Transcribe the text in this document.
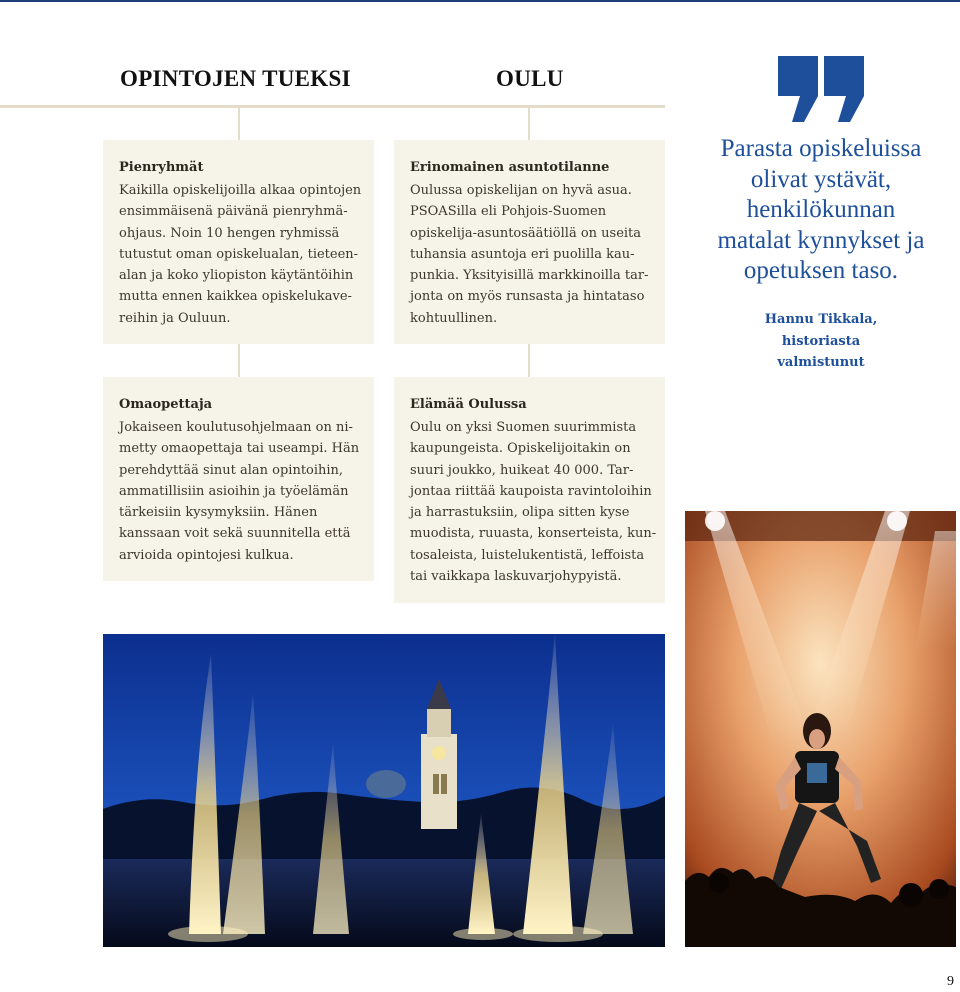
OPINTOJEN TUEKSI	OULU
Pienryhmät
Kaikilla opiskelijoilla alkaa opintojen
ensimmäisenä päivänä pienryhmä-
ohjaus. Noin 10 hengen ryhmissä
tutustut oman opiskelualan, tieteen-
alan ja koko yliopiston käytäntöihin
mutta ennen kaikkea opiskelukave-
reihin ja Ouluun.
Erinomainen asuntotilanne
Oulussa opiskelijan on hyvä asua.
PSOASilla eli Pohjois-Suomen
opiskelija-asuntosäätiöllä on useita
tuhansia asuntoja eri puolilla kau-
punkia. Yksityisillä markkinoilla tar-
jonta on myös runsasta ja hintataso
kohtuullinen.
Omaopettaja
Jokaiseen koulutusohjelmaan on ni-
metty omaopettaja tai useampi. Hän
perehdyttää sinut alan opintoihin,
ammatillisiin asioihin ja työelämän
tärkeisiin kysymyksiin. Hänen
kanssaan voit sekä suunnitella että
arvioida opintojesi kulkua.
Elämää Oulussa
Oulu on yksi Suomen suurimmista
kaupungeista. Opiskelijoitakin on
suuri joukko, huikeat 40 000. Tar-
jontaa riittää kaupoista ravintoloihin
ja harrastuksiin, olipa sitten kyse
muodista, ruuasta, konserteista, kun-
tosaleista, luistelukentistä, leffoista
tai vaikkapa laskuvarjohypyistä.
Parasta opiskeluissa
olivat ystävät,
henkilökunnan
matalat kynnykset ja
opetuksen taso.
Hannu Tikkala,
historiasta
valmistunut
9
